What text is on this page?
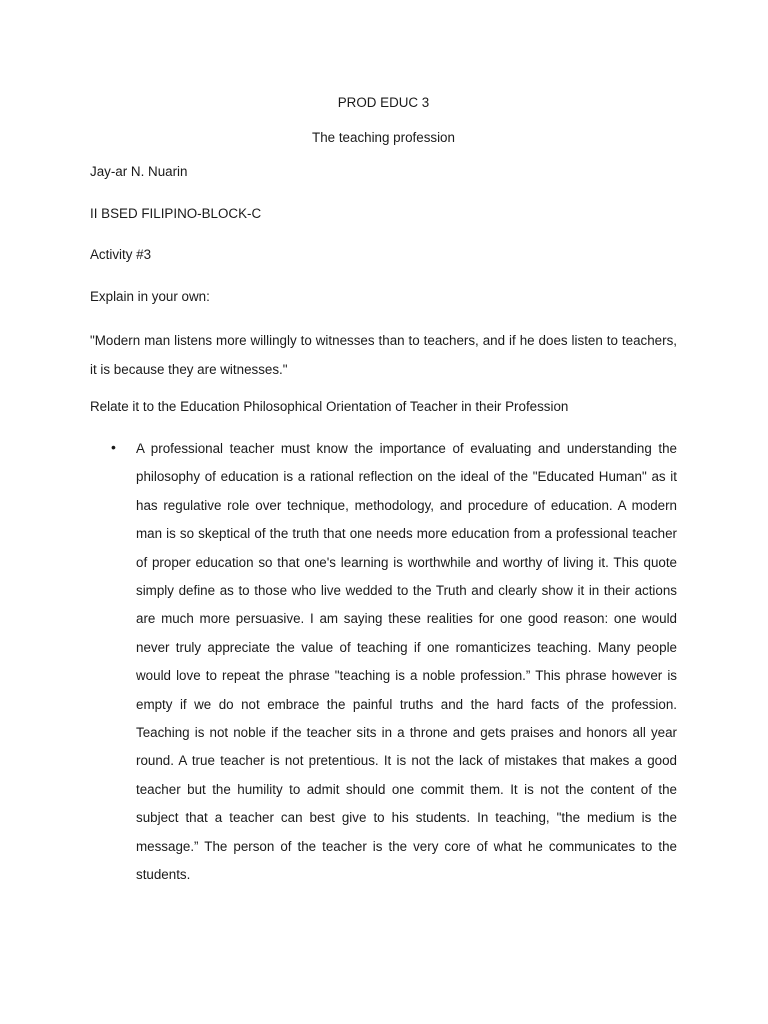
PROD EDUC 3
The teaching profession
Jay-ar N. Nuarin
II BSED FILIPINO-BLOCK-C
Activity #3
Explain in your own:

"Modern man listens more willingly to witnesses than to teachers, and if he does listen to teachers, it is because they are witnesses."

Relate it to the Education Philosophical Orientation of Teacher in their Profession
• A professional teacher must know the importance of evaluating and understanding the philosophy of education is a rational reflection on the ideal of the "Educated Human" as it has regulative role over technique, methodology, and procedure of education. A modern man is so skeptical of the truth that one needs more education from a professional teacher of proper education so that one's learning is worthwhile and worthy of living it. This quote simply define as to those who live wedded to the Truth and clearly show it in their actions are much more persuasive. I am saying these realities for one good reason: one would never truly appreciate the value of teaching if one romanticizes teaching. Many people would love to repeat the phrase "teaching is a noble profession.” This phrase however is empty if we do not embrace the painful truths and the hard facts of the profession. Teaching is not noble if the teacher sits in a throne and gets praises and honors all year round. A true teacher is not pretentious. It is not the lack of mistakes that makes a good teacher but the humility to admit should one commit them. It is not the content of the subject that a teacher can best give to his students. In teaching, "the medium is the message.” The person of the teacher is the very core of what he communicates to the students.
